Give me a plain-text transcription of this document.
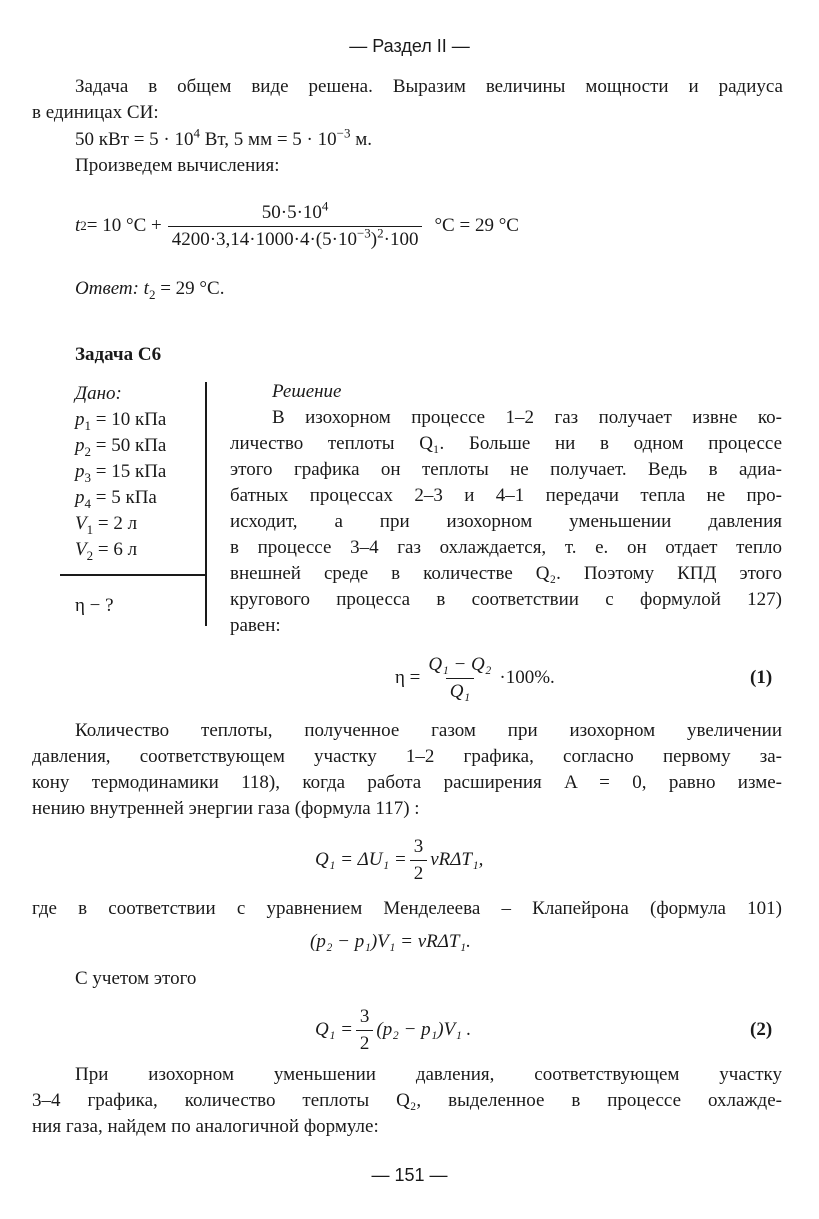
— Раздел II —
Задача в общем виде решена. Выразим величины мощности и радиуса
в единицах СИ:
50 кВт = $5 \cdot 10^4$ Вт, 5 мм = $5 \cdot 10^{-3}$ м.
Произведем вычисления:
t 2 = 10 $^\circ C + \frac{50\cdot 5\cdot 10^4}{4200\cdot 3,14\cdot 1000\cdot 4\cdot(5\cdot 10^{-3})^2\cdot 100} ^\circ C = 29$ °C
Ответ: $t_2 = 29$ °C.
Задача С6
Дано:
$p_1 = 10$ кПа
$p_2 = 50$ кПа
$p_3 = 15$ кПа
$p_4 = 5$ кПа
$V_1 = 2$ л
$V_2 = 6$ л
η − ?
Решение
В изохорном процессе 1–2 газ получает извне ко-
личество теплоты Q₁. Больше ни в одном процессе
этого графика он теплоты не получает. Ведь в адиа-
батных процессах 2–3 и 4–1 передачи тепла не про-
исходит, а при изохорном уменьшении давления
в процессе 3–4 газ охлаждается, т. е. он отдает тепло
внешней среде в количестве Q₂. Поэтому КПД этого
кругового процесса в соответствии с формулой 127)
равен:
$\eta = \frac{\text{Q₁ − Q₂}}{\text{Q₁}} \cdot 100\%$.	(1)
Количество теплоты, полученное газом при изохорном увеличении
давления, соответствующем участку 1–2 графика, согласно первому за-
кону термодинамики 118), когда работа расширения A = 0, равно изме-
нению внутренней энергии газа (формула 117) :
$Q_1 = \Delta U_1 = \frac{3}{2} \nu R\Delta T_1$,
где в соответствии с уравнением Менделеева – Клапейрона (формула 101)
(p₂ − p₁)V₁ = νRΔT₁.
С учетом этого
$Q_1 = \frac{3}{2} (p_2 - p_1)V_1$ .	(2)
При изохорном уменьшении давления, соответствующем участку
3–4 графика, количество теплоты Q₂, выделенное в процессе охлажде-
ния газа, найдем по аналогичной формуле:
— 151 —
